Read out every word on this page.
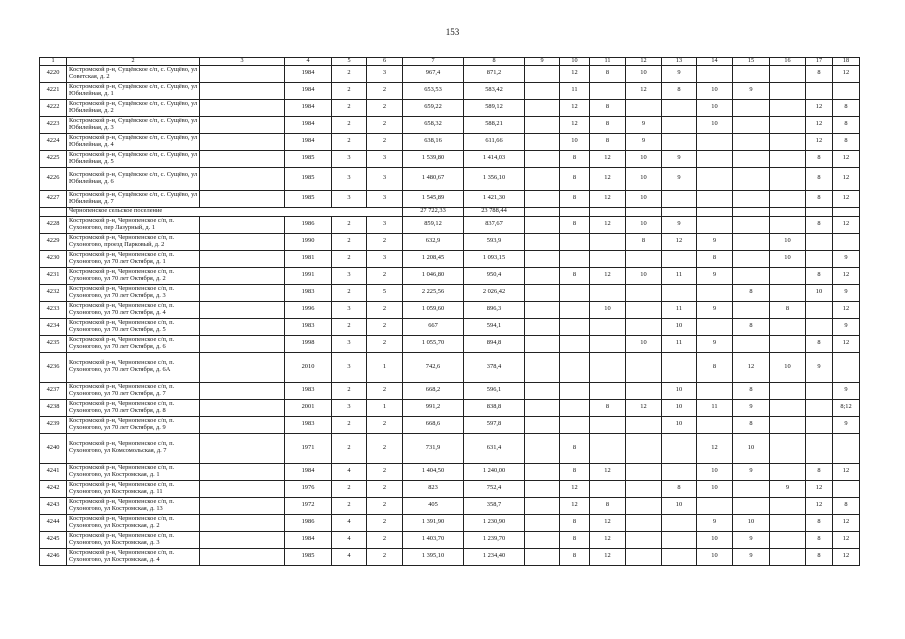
153
1	2	3	4	5	6	7	8	9	10	11	12	13	14	15	16	17	18
4220	Костромской р-н, Сущёвское с/п, с. Сущёво, ул Советская, д. 2		1984	2	3	967,4	871,2		12	8	10	9				8	12
4221	Костромской р-н, Сущёвское с/п, с. Сущёво, ул Юбилейная, д. 1		1984	2	2	653,53	583,42		11		12	8	10	9			
4222	Костромской р-н, Сущёвское с/п, с. Сущёво, ул Юбилейная, д. 2		1984	2	2	659,22	589,12		12	8			10			12	8
4223	Костромской р-н, Сущёвское с/п, с. Сущёво, ул Юбилейная, д. 3		1984	2	2	658,32	588,21		12	8	9		10			12	8
4224	Костромской р-н, Сущёвское с/п, с. Сущёво, ул Юбилейная, д. 4		1984	2	2	638,16	611,66		10	8	9					12	8
4225	Костромской р-н, Сущёвское с/п, с. Сущёво, ул Юбилейная, д. 5		1985	3	3	1 539,80	1 414,03		8	12	10	9				8	12
4226	Костромской р-н, Сущёвское с/п, с. Сущёво, ул Юбилейная, д. 6		1985	3	3	1 480,67	1 356,10		8	12	10	9				8	12
4227	Костромской р-н, Сущёвское с/п, с. Сущёво, ул Юбилейная, д. 7		1985	3	3	1 545,89	1 421,30		8	12	10					8	12
	Чернопенское сельское поселение					27 722,33	23 788,44										
4228	Костромской р-н, Чернопенское с/п, п. Сухоногово, пер Лазурный, д. 1		1986	2	3	859,12	837,67		8	12	10	9				8	12
4229	Костромской р-н, Чернопенское с/п, п. Сухоногово, проезд Парковый, д. 2		1990	2	2	632,9	593,9				8	12	9		10		
4230	Костромской р-н, Чернопенское с/п, п. Сухоногово, ул 70 лет Октября, д. 1		1981	2	3	1 208,45	1 093,15						8		10		9
4231	Костромской р-н, Чернопенское с/п, п. Сухоногово, ул 70 лет Октября, д. 2		1991	3	2	1 046,80	950,4		8	12	10	11	9			8	12
4232	Костромской р-н, Чернопенское с/п, п. Сухоногово, ул 70 лет Октября, д. 3		1983	2	5	2 225,56	2 026,42							8		10	9
4233	Костромской р-н, Чернопенское с/п, п. Сухоногово, ул 70 лет Октября, д. 4		1996	3	2	1 059,60	896,3			10		11	9		8		12
4234	Костромской р-н, Чернопенское с/п, п. Сухоногово, ул 70 лет Октября, д. 5		1983	2	2	667	594,1					10		8			9
4235	Костромской р-н, Чернопенское с/п, п. Сухоногово, ул 70 лет Октября, д. 6		1998	3	2	1 055,70	894,8				10	11	9			8	12
4236	Костромской р-н, Чернопенское с/п, п. Сухоногово, ул 70 лет Октября, д. 6А		2010	3	1	742,6	378,4						8	12	10	9	
4237	Костромской р-н, Чернопенское с/п, п. Сухоногово, ул 70 лет Октября, д. 7		1983	2	2	668,2	596,1					10		8			9
4238	Костромской р-н, Чернопенское с/п, п. Сухоногово, ул 70 лет Октября, д. 8		2001	3	1	991,2	838,8			8	12	10	11	9			8;12
4239	Костромской р-н, Чернопенское с/п, п. Сухоногово, ул 70 лет Октября, д. 9		1983	2	2	668,6	597,8					10		8			9
4240	Костромской р-н, Чернопенское с/п, п. Сухоногово, ул Комсомольская, д. 7		1971	2	2	731,9	631,4		8				12	10			
4241	Костромской р-н, Чернопенское с/п, п. Сухоногово, ул Костромская, д. 1		1984	4	2	1 404,50	1 240,00		8	12			10	9		8	12
4242	Костромской р-н, Чернопенское с/п, п. Сухоногово, ул Костромская, д. 11		1976	2	2	823	752,4		12			8	10		9	12	
4243	Костромской р-н, Чернопенское с/п, п. Сухоногово, ул Костромская, д. 13		1972	2	2	405	358,7		12	8		10				12	8
4244	Костромской р-н, Чернопенское с/п, п. Сухоногово, ул Костромская, д. 2		1986	4	2	1 391,90	1 230,90		8	12			9	10		8	12
4245	Костромской р-н, Чернопенское с/п, п. Сухоногово, ул Костромская, д. 3		1984	4	2	1 403,70	1 239,70		8	12			10	9		8	12
4246	Костромской р-н, Чернопенское с/п, п. Сухоногово, ул Костромская, д. 4		1985	4	2	1 395,10	1 234,40		8	12			10	9		8	12
